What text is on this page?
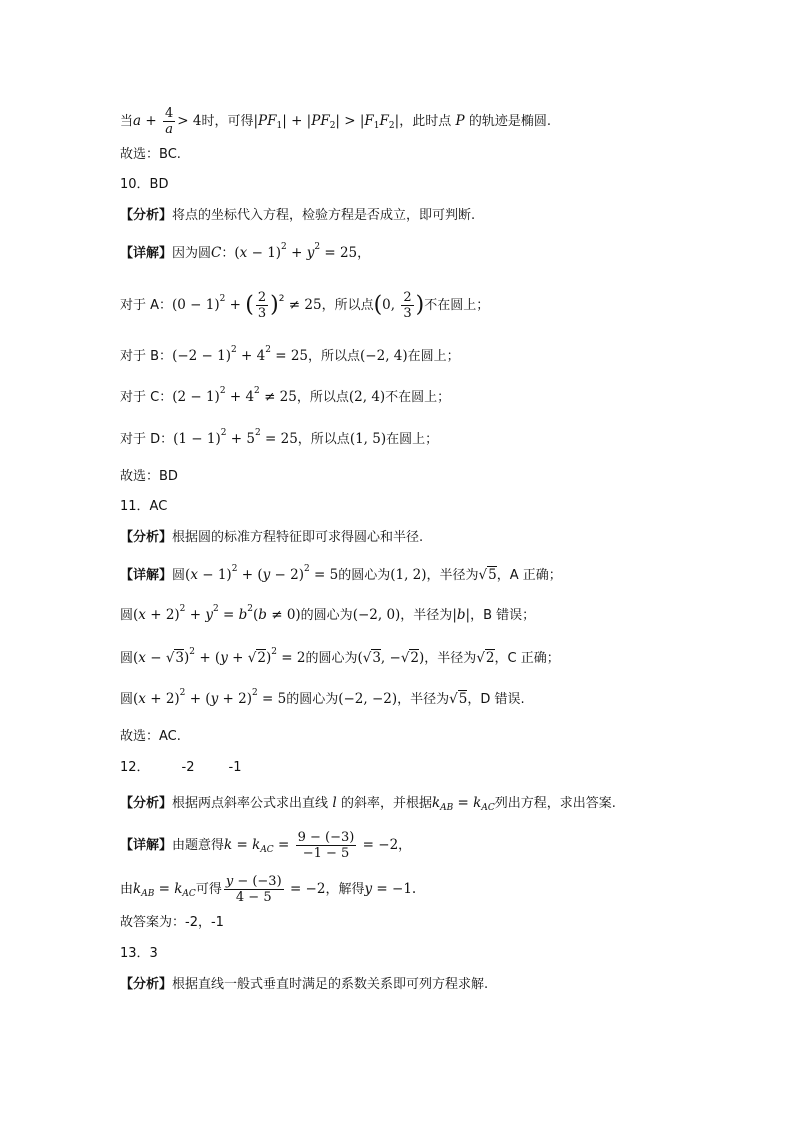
当$a + \frac{4}{a} > 4$时，可得$|PF_1| + |PF_2| > |F_1F_2|$，此时点 P 的轨迹是椭圆.
故选：BC.
10．BD
【分析】将点的坐标代入方程，检验方程是否成立，即可判断.
【详解】因为圆C：$(x - 1)^2 + y^2 = 25$，
对于 A：$(0 - 1)^2$ + ( $\frac{2}{3} )^2 \ne 25$，所以点(0, $\frac{2}{3}$ )不在圆上；
对于 B：$(-2 - 1)^2 + 4^2 = 25$，所以点(−2, 4)在圆上；
对于 C：$(2 - 1)^2 + 4^2 \ne 25$，所以点(2, 4)不在圆上；
对于 D：$(1 - 1)^2 + 5^2 = 25$，所以点(1, 5)在圆上；
故选：BD
11．AC
【分析】根据圆的标准方程特征即可求得圆心和半径.
【详解】圆$(x - 1)^2 + (y - 2)^2 = 5$的圆心为(1, 2)，半径为√5，A 正确；
圆$(x + 2)^2 + y^2 = b^2(b \ne 0)$的圆心为(−2, 0)，半径为|b|，B 错误；
圆$(x - √3)^2 + (y + √2)^2 = 2$的圆心为(√3, −√2)，半径为√2，C 正确；
圆$(x + 2)^2 + (y + 2)^2 = 5$的圆心为(−2, −2)，半径为√5，D 错误.
故选：AC.
12． -2	-1
【分析】根据两点斜率公式求出直线 l 的斜率，并根据$k_{AB} = k_{AC}$列出方程，求出答案.
【详解】由题意得$k = k_{AC} = \frac{9 - (-3)}{-1 - 5} = -2$，
由$k_{AB} = k_{AC}$可得 $\frac{y - (-3)}{4 - 5} = -2$，解得y = −1.
故答案为：-2，-1
13．3
【分析】根据直线一般式垂直时满足的系数关系即可列方程求解.
